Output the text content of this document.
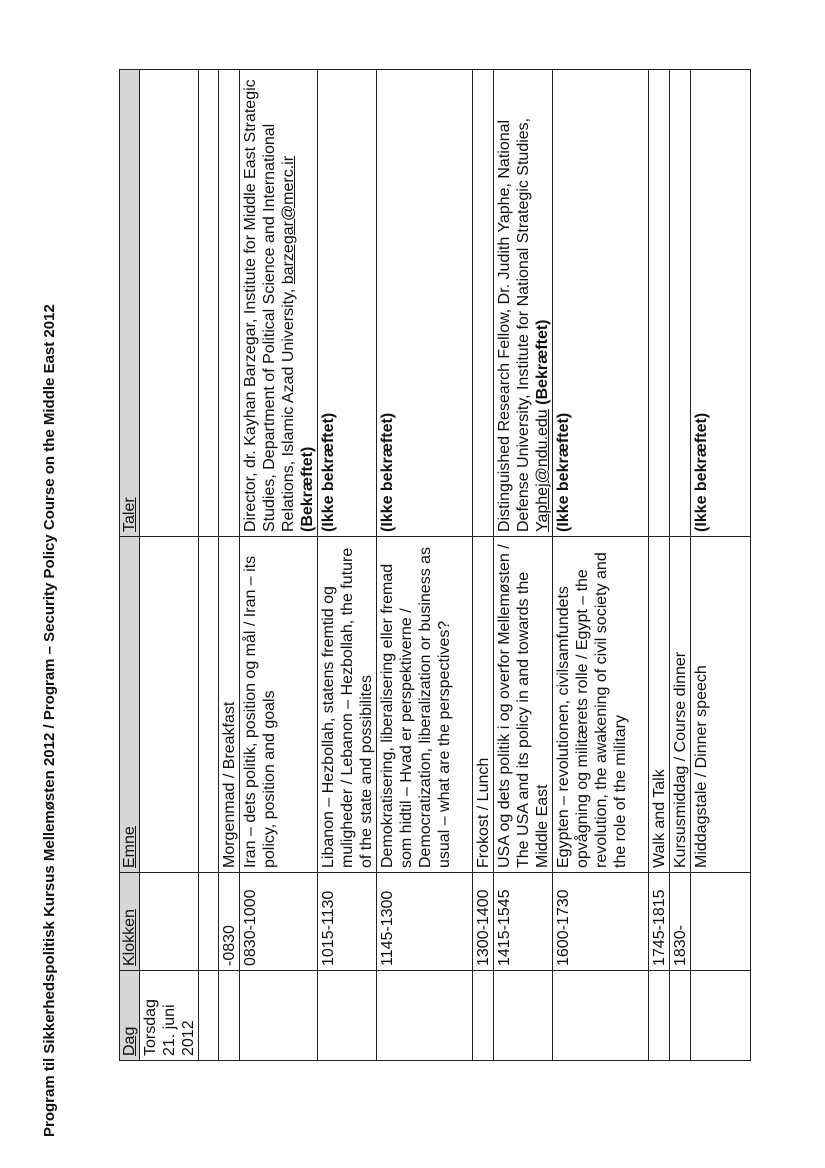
Program til Sikkerhedspolitisk Kursus Mellemøsten 2012 / Program – Security Policy Course on the Middle East 2012	Dag	Klokken	Emne	Taler

Torsdag 21. juni 2012			

	-0830	Morgenmad / Breakfast	
	0830-1000	Iran – dets politik, position og mål / Iran – its policy, position and goals	Director, dr. Kayhan Barzegar, Institute for Middle East Strategic Studies, Department of Political Science and International Relations, Islamic Azad University, barzegar@merc.ir
(Bekræftet)
	1015-1130	Libanon – Hezbollah, statens fremtid og muligheder / Lebanon – Hezbollah, the future of the state and possibilites	(Ikke bekræftet)
	1145-1300	Demokratisering, liberalisering eller fremad som hidtil – Hvad er perspektiverne / Democratization, liberalization or business as usual – what are the perspectives?	(Ikke bekræftet)
	1300-1400	Frokost / Lunch	
	1415-1545	USA og dets politik i og overfor Mellemøsten / The USA and its policy in and towards the Middle East	Distinguished Research Fellow, Dr. Judith Yaphe, National Defense University, Institute for National Strategic Studies, Yaphej@ndu.edu (Bekræftet)
	1600-1730	Egypten – revolutionen, civilsamfundets opvågning og militærets rolle / Egypt – the revolution, the awakening of civil society and the role of the military	(Ikke bekræftet)
	1745-1815	Walk and Talk	
	1830-	Kursusmiddag / Course dinner	
		Middagstale / Dinner speech	(Ikke bekræftet)
